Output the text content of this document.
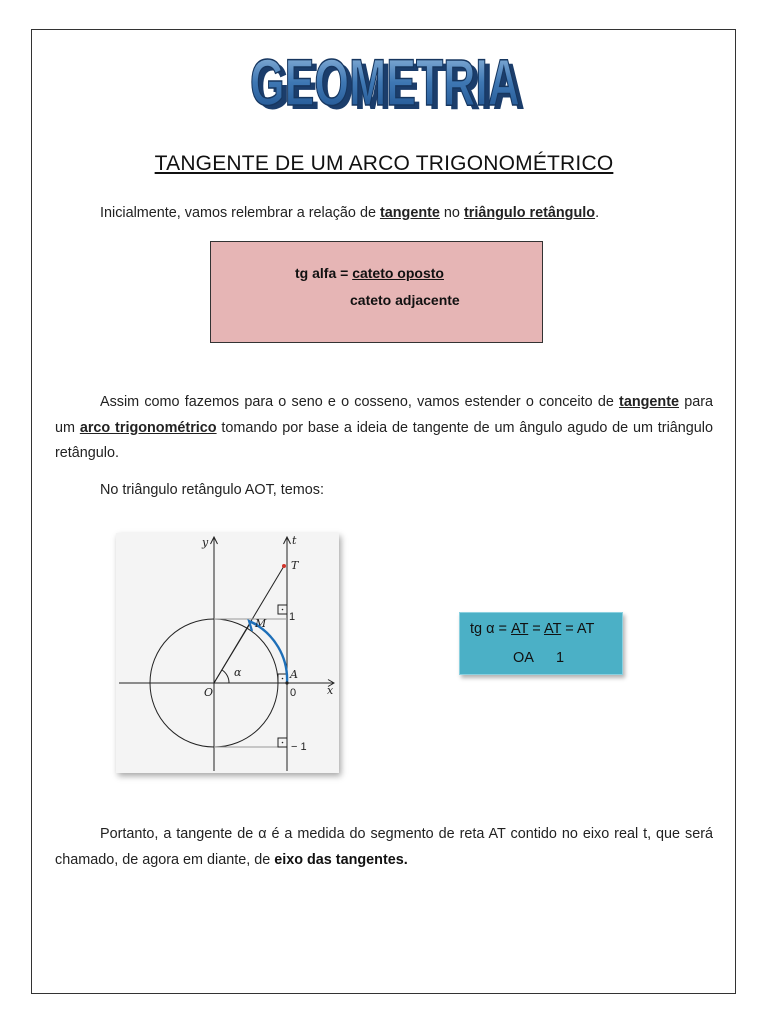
GEOMETRIA
GEOMETRIA
TANGENTE DE UM ARCO TRIGONOMÉTRICO
Inicialmente, vamos relembrar a relação de tangente no triângulo retângulo.
tg alfa = cateto oposto
cateto adjacente
Assim como fazemos para o seno e o cosseno, vamos estender o conceito de tangente para um arco trigonométrico tomando por base a ideia de tangente de um ângulo agudo de um triângulo retângulo.
No triângulo retângulo AOT, temos:
y	t
T
M
α	A
O	x
1
0
− 1
tg α = AT = AT = AT
OA 1
Portanto, a tangente de α é a medida do segmento de reta AT contido no eixo real t, que será chamado, de agora em diante, de eixo das tangentes.
